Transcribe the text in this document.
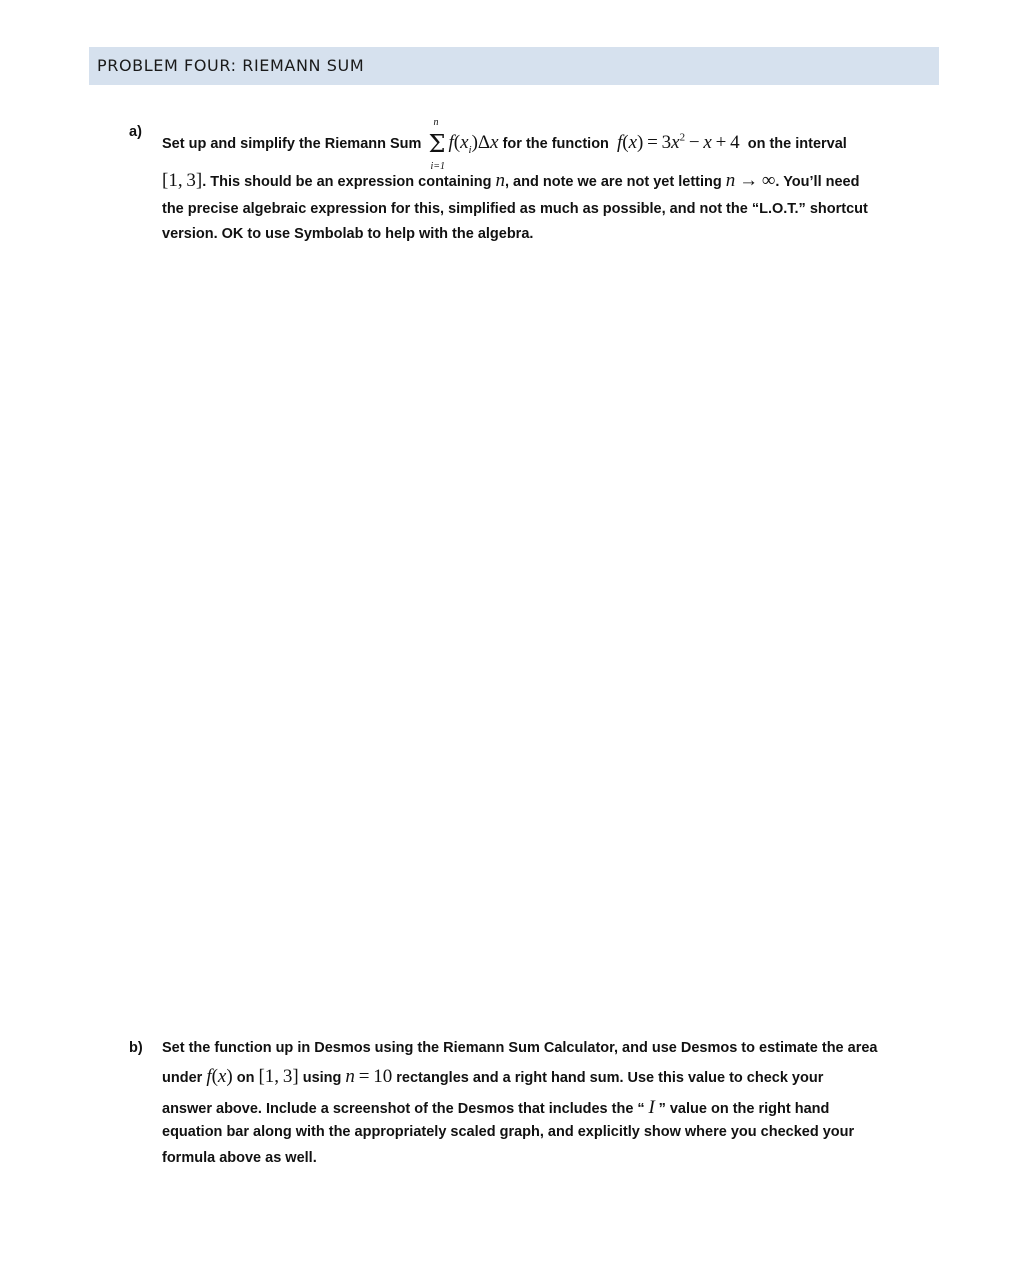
PROBLEM FOUR: RIEMANN SUM
a)
Set up and simplify the Riemann Sum Σ
n
i=1
$f(x_i)\Delta x$ for the function $f(x) = 3x^2 - x + 4$ on the interval
[1, 3]. This should be an expression containing n, and note we are not yet letting n → ∞. You’ll need
the precise algebraic expression for this, simplified as much as possible, and not the “L.O.T.” shortcut
version. OK to use Symbolab to help with the algebra.
b) Set the function up in Desmos using the Riemann Sum Calculator, and use Desmos to estimate the area
under f(x) on [1, 3] using n = 10 rectangles and a right hand sum. Use this value to check your
answer above. Include a screenshot of the Desmos that includes the “ I ” value on the right hand
equation bar along with the appropriately scaled graph, and explicitly show where you checked your
formula above as well.
